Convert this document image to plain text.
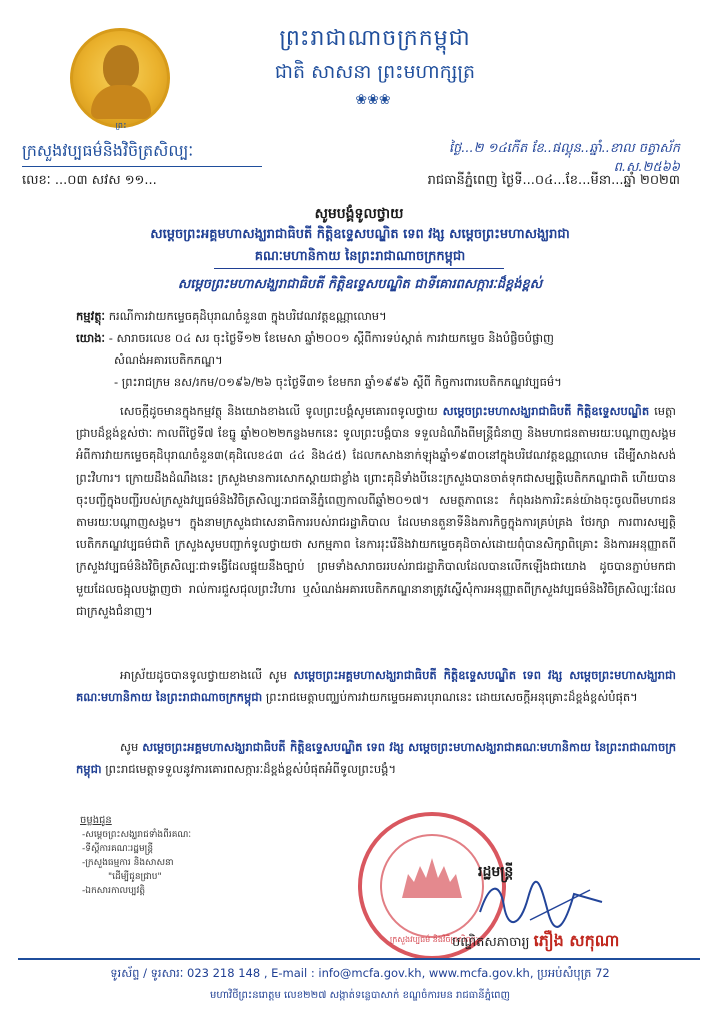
ព្រះ
ព្រះរាជាណាចក្រកម្ពុជា
ជាតិ សាសនា ព្រះមហាក្សត្រ
❀❀❀
ក្រសួងវប្បធម៌និងវិចិត្រសិល្បៈ
លេខៈ ...០៣ សវស ១១...
ថ្ងៃ...២ ១៤កើត ខែ..ផល្គុន..ឆ្នាំ..ខាល ចត្វាស័ក ព.ស.២៥៦៦
រាជធានីភ្នំពេញ ថ្ងៃទី...០៤...ខែ...មីនា...ឆ្នាំ ២០២៣
សូមបង្គំទូលថ្វាយ
សម្តេចព្រះអគ្គមហាសង្ឃរាជាធិបតី កិត្តិឧទ្ទេសបណ្ឌិត ទេព វង្ស សម្តេចព្រះមហាសង្ឃរាជា
គណៈមហានិកាយ នៃព្រះរាជាណាចក្រកម្ពុជា
សម្តេចព្រះមហាសង្ឃរាជាធិបតី កិត្តិឧទ្ទេសបណ្ឌិត ជាទីគោរពសក្ការៈដ៏ខ្ពង់ខ្ពស់
កម្មវត្ថុៈ ករណីការវាយកម្ទេចគុដិបុរាណចំនួន៣ ក្នុងបរិវេណវត្តឧណ្ណាលោម។
យោងៈ - សារាចរលេខ ០៤ សរ ចុះថ្ងៃទី១២ ខែមេសា ឆ្នាំ២០០១ ស្តីពីការទប់ស្កាត់ ការវាយកម្ទេច និងបំផ្លិចបំផ្លាញ
សំណង់អគារបេតិកភណ្ឌ។
- ព្រះរាជក្រម នស/រកម/០១៩៦/២៦ ចុះថ្ងៃទី៣១ ខែមករា ឆ្នាំ១៩៩៦ ស្តីពី កិច្ចការពារបេតិកភណ្ឌវប្បធម៌។
សេចក្តីដូចមានក្នុងកម្មវត្ថុ និងយោងខាងលើ ទូលព្រះបង្គំសូមគោរពទូលថ្វាយ សម្តេចព្រះមហាសង្ឃរាជាធិបតី កិត្តិឧទ្ទេសបណ្ឌិត មេត្តាជ្រាបដ៏ខ្ពង់ខ្ពស់ថាៈ កាលពីថ្ងៃទី៧ ខែធ្នូ ឆ្នាំ២០២២កន្លងមកនេះ ទូលព្រះបង្គំបាន ទទួលដំណឹងពីមន្ត្រីជំនាញ និងមហាជនតាមរយៈបណ្តាញសង្គមអំពីការវាយកម្ទេចគុដិបុរាណចំនួន៣(គុដិលេខ៤៣ ៤៤ និង៤៥) ដែលកសាងនាក់ឡុងឆ្នាំ១៩៣០នៅក្នុងបរិវេណវត្តឧណ្ណាលោម ដើម្បីសាងសង់ព្រះវិហារ។ ក្រោយដឹងដំណឹងនេះ ក្រសួងមានការសោកស្តាយជាខ្លាំង ព្រោះគុដិទាំងបីនេះក្រសួងបានចាត់ទុកជាសម្បត្តិបេតិកភណ្ឌជាតិ ហើយបានចុះបញ្ជីក្នុងបញ្ជីរបស់ក្រសួងវប្បធម៌និងវិចិត្រសិល្បៈរាជធានីភ្នំពេញកាលពីឆ្នាំ២០១៧។ សមត្ថភាពនេះ កំពុងរងការរិះគន់យ៉ាងចុះចូលពីមហាជនតាមរយៈបណ្តាញសង្គម។ ក្នុងនាមក្រសួងជាសេនាធិការរបស់រាជរដ្ឋាភិបាល ដែលមានតួនាទីនិងភារកិច្ចក្នុងការគ្រប់គ្រង ថែរក្សា ការពារសម្បត្តិបេតិកភណ្ឌវប្បធម៌ជាតិ ក្រសួងសូមបញ្ជាក់ទូលថ្វាយថា សកម្មភាព នៃការរុះរើនិងវាយកម្ទេចគុដិចាស់ដោយពុំបានសិក្សាពិគ្រោះ និងការអនុញ្ញាតពីក្រសួងវប្បធម៌និងវិចិត្រសិល្បៈជាទង្វើដែលផ្ទុយនឹងច្បាប់ ព្រមទាំងសារាចររបស់រាជរដ្ឋាភិបាលដែលបានលើកឡើងជាយោង ដូចបានភ្ជាប់មកជាមួយដែលចង្អុលបង្ហាញថា រាល់ការជួសជុលព្រះវិហារ ឬសំណង់អគារបេតិកភណ្ឌនានាត្រូវស្នើសុំការអនុញ្ញាតពីក្រសួងវប្បធម៌និងវិចិត្រសិល្បៈដែលជាក្រសួងជំនាញ។
អាស្រ័យដូចបានទូលថ្វាយខាងលើ សូម សម្តេចព្រះអគ្គមហាសង្ឃរាជាធិបតី កិត្តិឧទ្ទេសបណ្ឌិត ទេព វង្ស សម្តេចព្រះមហាសង្ឃរាជាគណៈមហានិកាយ នៃព្រះរាជាណាចក្រកម្ពុជា ព្រះរាជមេត្តាបញ្ឈប់ការវាយកម្ទេចអគារបុរាណនេះ ដោយសេចក្តីអនុគ្រោះដ៏ខ្ពង់ខ្ពស់បំផុត។
សូម សម្តេចព្រះអគ្គមហាសង្ឃរាជាធិបតី កិត្តិឧទ្ទេសបណ្ឌិត ទេព វង្ស សម្តេចព្រះមហាសង្ឃរាជាគណៈមហានិកាយ នៃព្រះរាជាណាចក្រកម្ពុជា ព្រះរាជមេត្តាទទួលនូវការគោរពសក្ការៈដ៏ខ្ពង់ខ្ពស់បំផុតអំពីទូលព្រះបង្គំ។
ចម្លងជូន
-សម្តេចព្រះសង្ឃរាជទាំងពីរគណៈ
-ទីស្តីការគណៈរដ្ឋមន្ត្រី
-ក្រសួងធម្មការ និងសាសនា
"ដើម្បីជូនជ្រាប"
-ឯកសារកាលប្បវត្តិ
ក្រសួងវប្បធម៌ និងវិចិត្រសិល្បៈ
រដ្ឋមន្ត្រី
បណ្ឌិតសភាចារ្យ ភឿង សកុណា
ទូរស័ព្ទ / ទូរសារៈ 023 218 148 , E-mail : info@mcfa.gov.kh, www.mcfa.gov.kh, ប្រអប់សំបុត្រ 72
មហាវិថីព្រះនរោត្តម លេខ២២៧ សង្កាត់ទន្លេបាសាក់ ខណ្ឌចំការមន រាជធានីភ្នំពេញ
